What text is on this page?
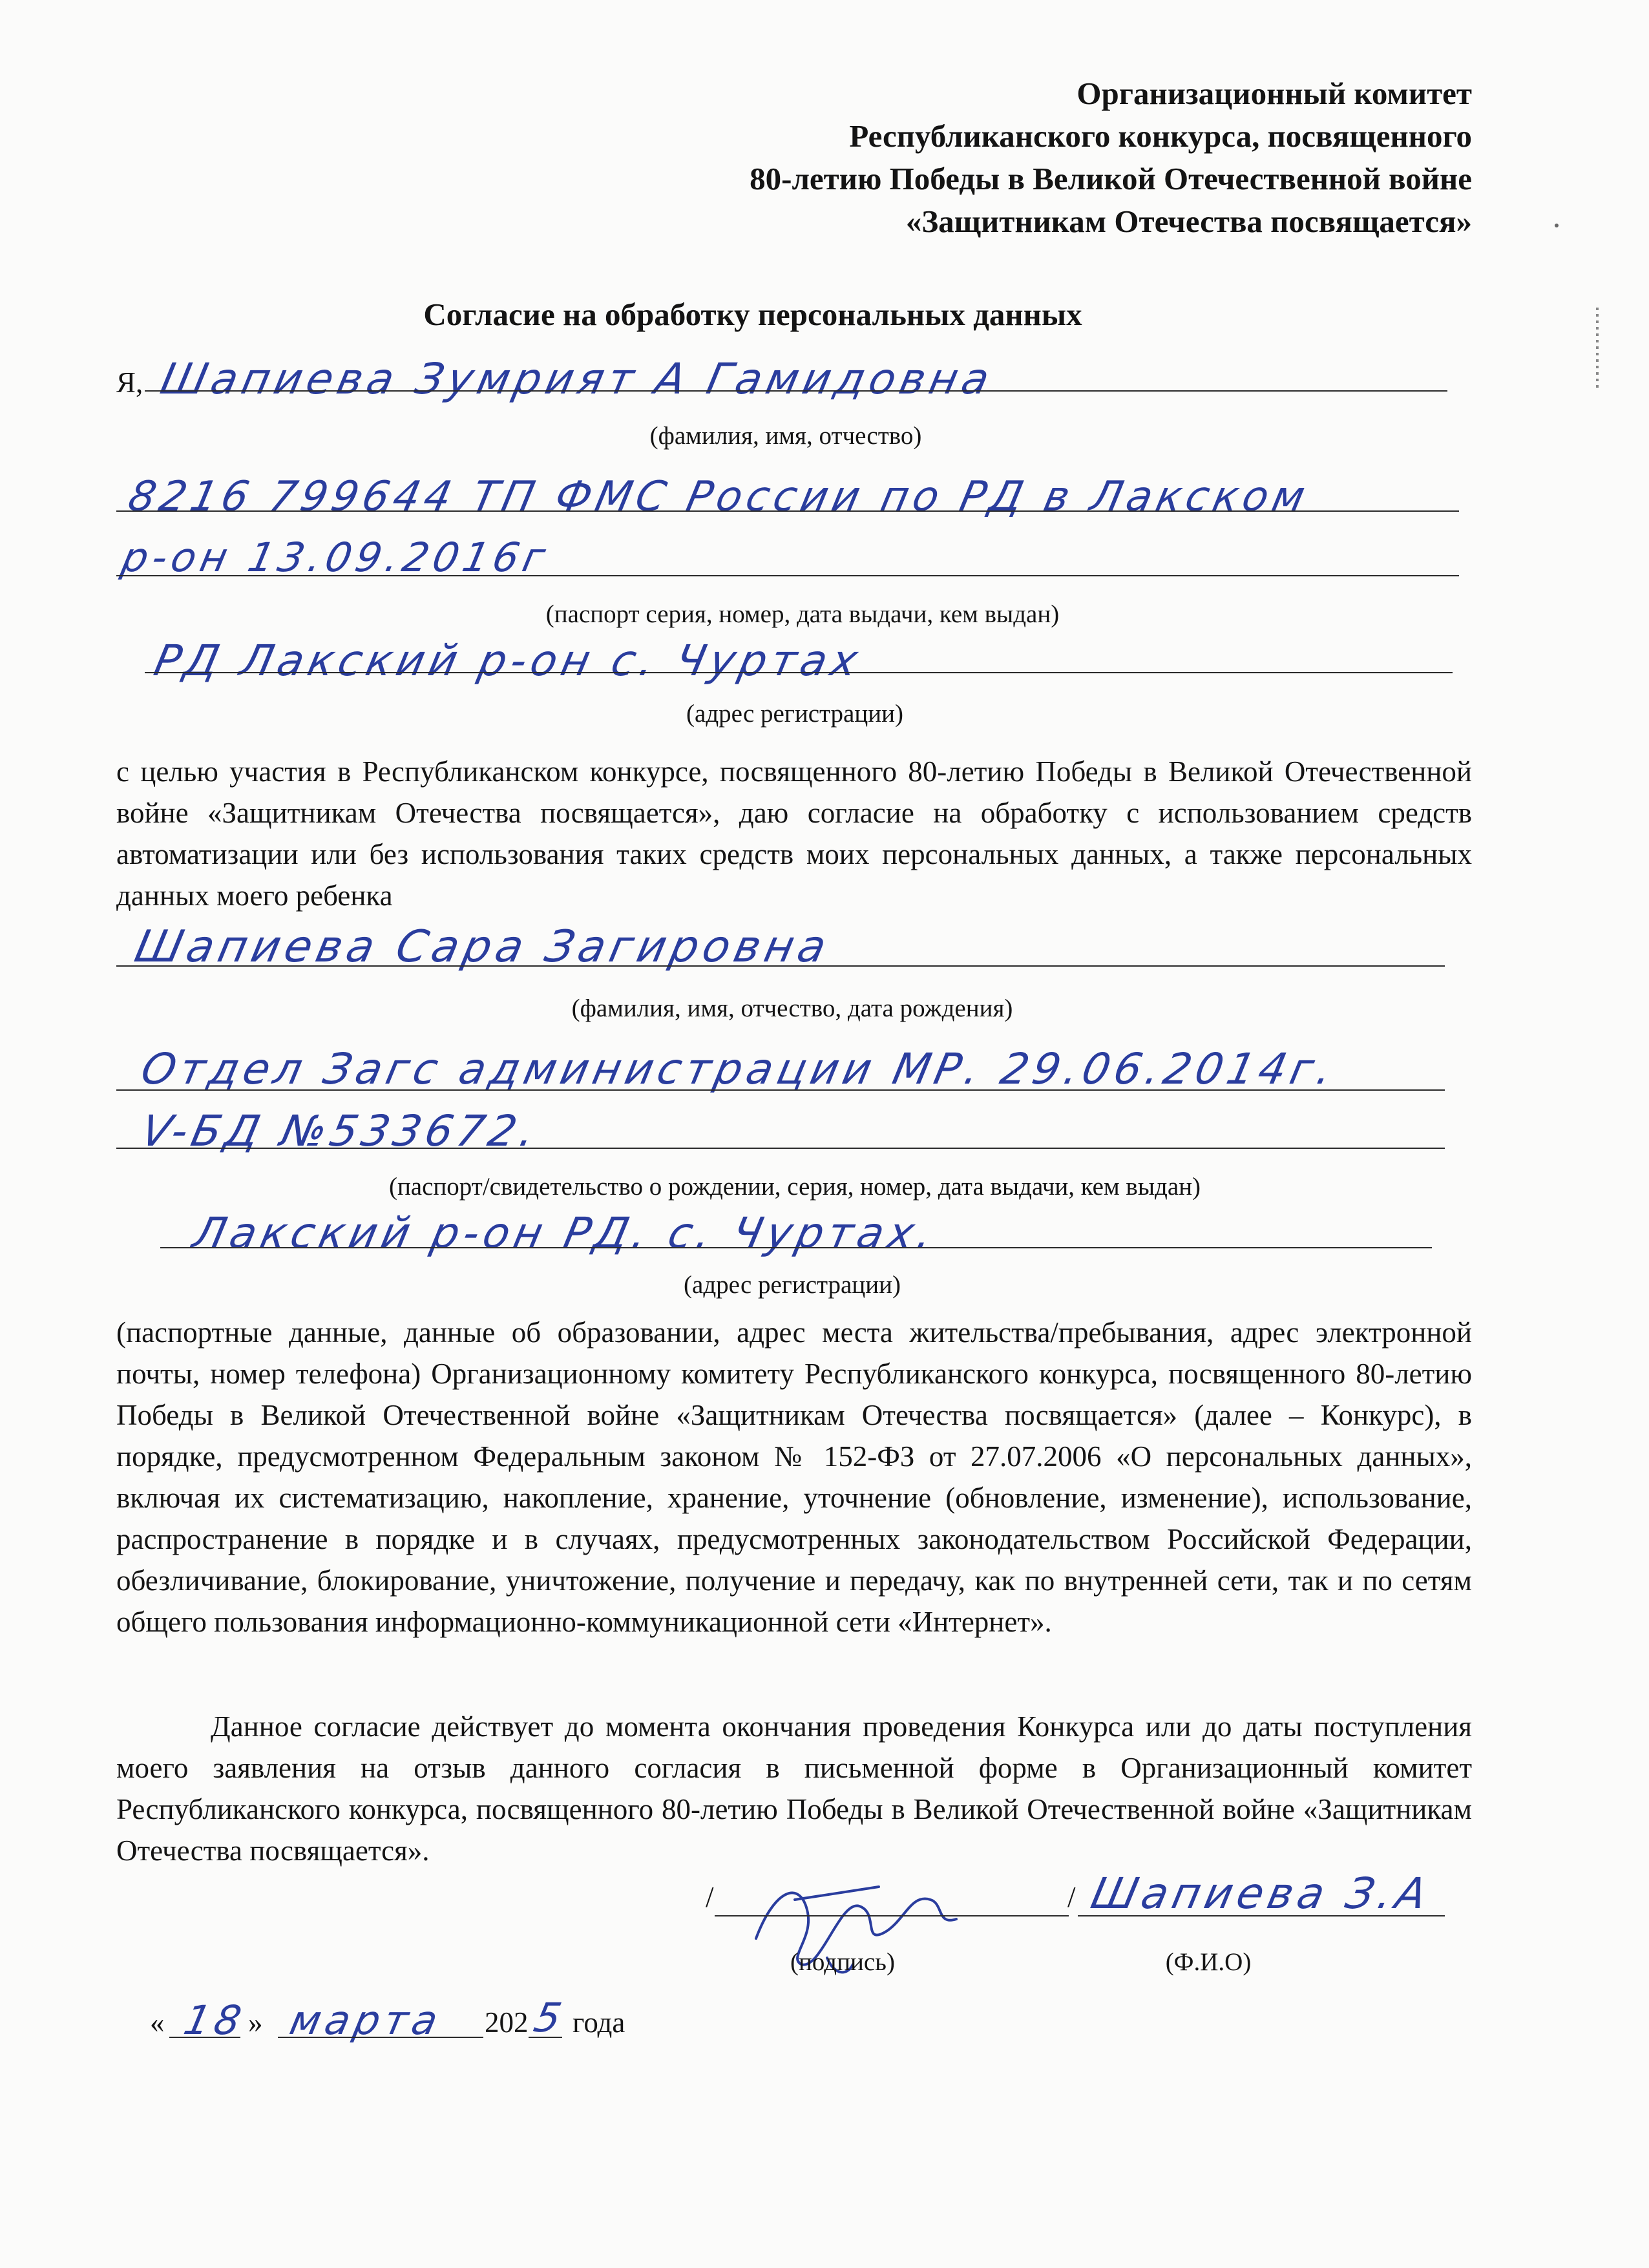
Организационный комитет
Республиканского конкурса, посвященного
80-летию Победы в Великой Отечественной войне
«Защитникам Отечества посвящается»
Согласие на обработку персональных данных
Я, Шапиева Зумрият А Гамидовна
(фамилия, имя, отчество)
8216 799644 ТП ФМС России по РД в Лакском
р-он 13.09.2016г
(паспорт серия, номер, дата выдачи, кем выдан)
РД Лакский р-он с. Чуртах
(адрес регистрации)
с целью участия в Республиканском конкурсе, посвященного 80-летию Победы в Великой Отечественной войне «Защитникам Отечества посвящается», даю согласие на обработку с использованием средств автоматизации или без использования таких средств моих персональных данных, а также персональных данных моего ребенка
Шапиева Сара Загировна
(фамилия, имя, отчество, дата рождения)
Отдел Загс администрации МР. 29.06.2014г.
V-БД №533672.
(паспорт/свидетельство о рождении, серия, номер, дата выдачи, кем выдан)
Лакский р-он РД. с. Чуртах.
(адрес регистрации)
(паспортные данные, данные об образовании, адрес места жительства/пребывания, адрес электронной почты, номер телефона) Организационному комитету Республиканского конкурса, посвященного 80-летию Победы в Великой Отечественной войне «Защитникам Отечества посвящается» (далее – Конкурс), в порядке, предусмотренном Федеральным законом № 152-ФЗ от 27.07.2006 «О персональных данных», включая их систематизацию, накопление, хранение, уточнение (обновление, изменение), использование, распространение в порядке и в случаях, предусмотренных законодательством Российской Федерации, обезличивание, блокирование, уничтожение, получение и передачу, как по внутренней сети, так и по сетям общего пользования информационно-коммуникационной сети «Интернет».
Данное согласие действует до момента окончания проведения Конкурса или до даты поступления моего заявления на отзыв данного согласия в письменной форме в Организационный комитет Республиканского конкурса, посвященного 80-летию Победы в Великой Отечественной войне «Защитникам Отечества посвящается».
/	/ Шапиева З.А
(подпись)	(Ф.И.О)
« 18
» марта 202 5 года
